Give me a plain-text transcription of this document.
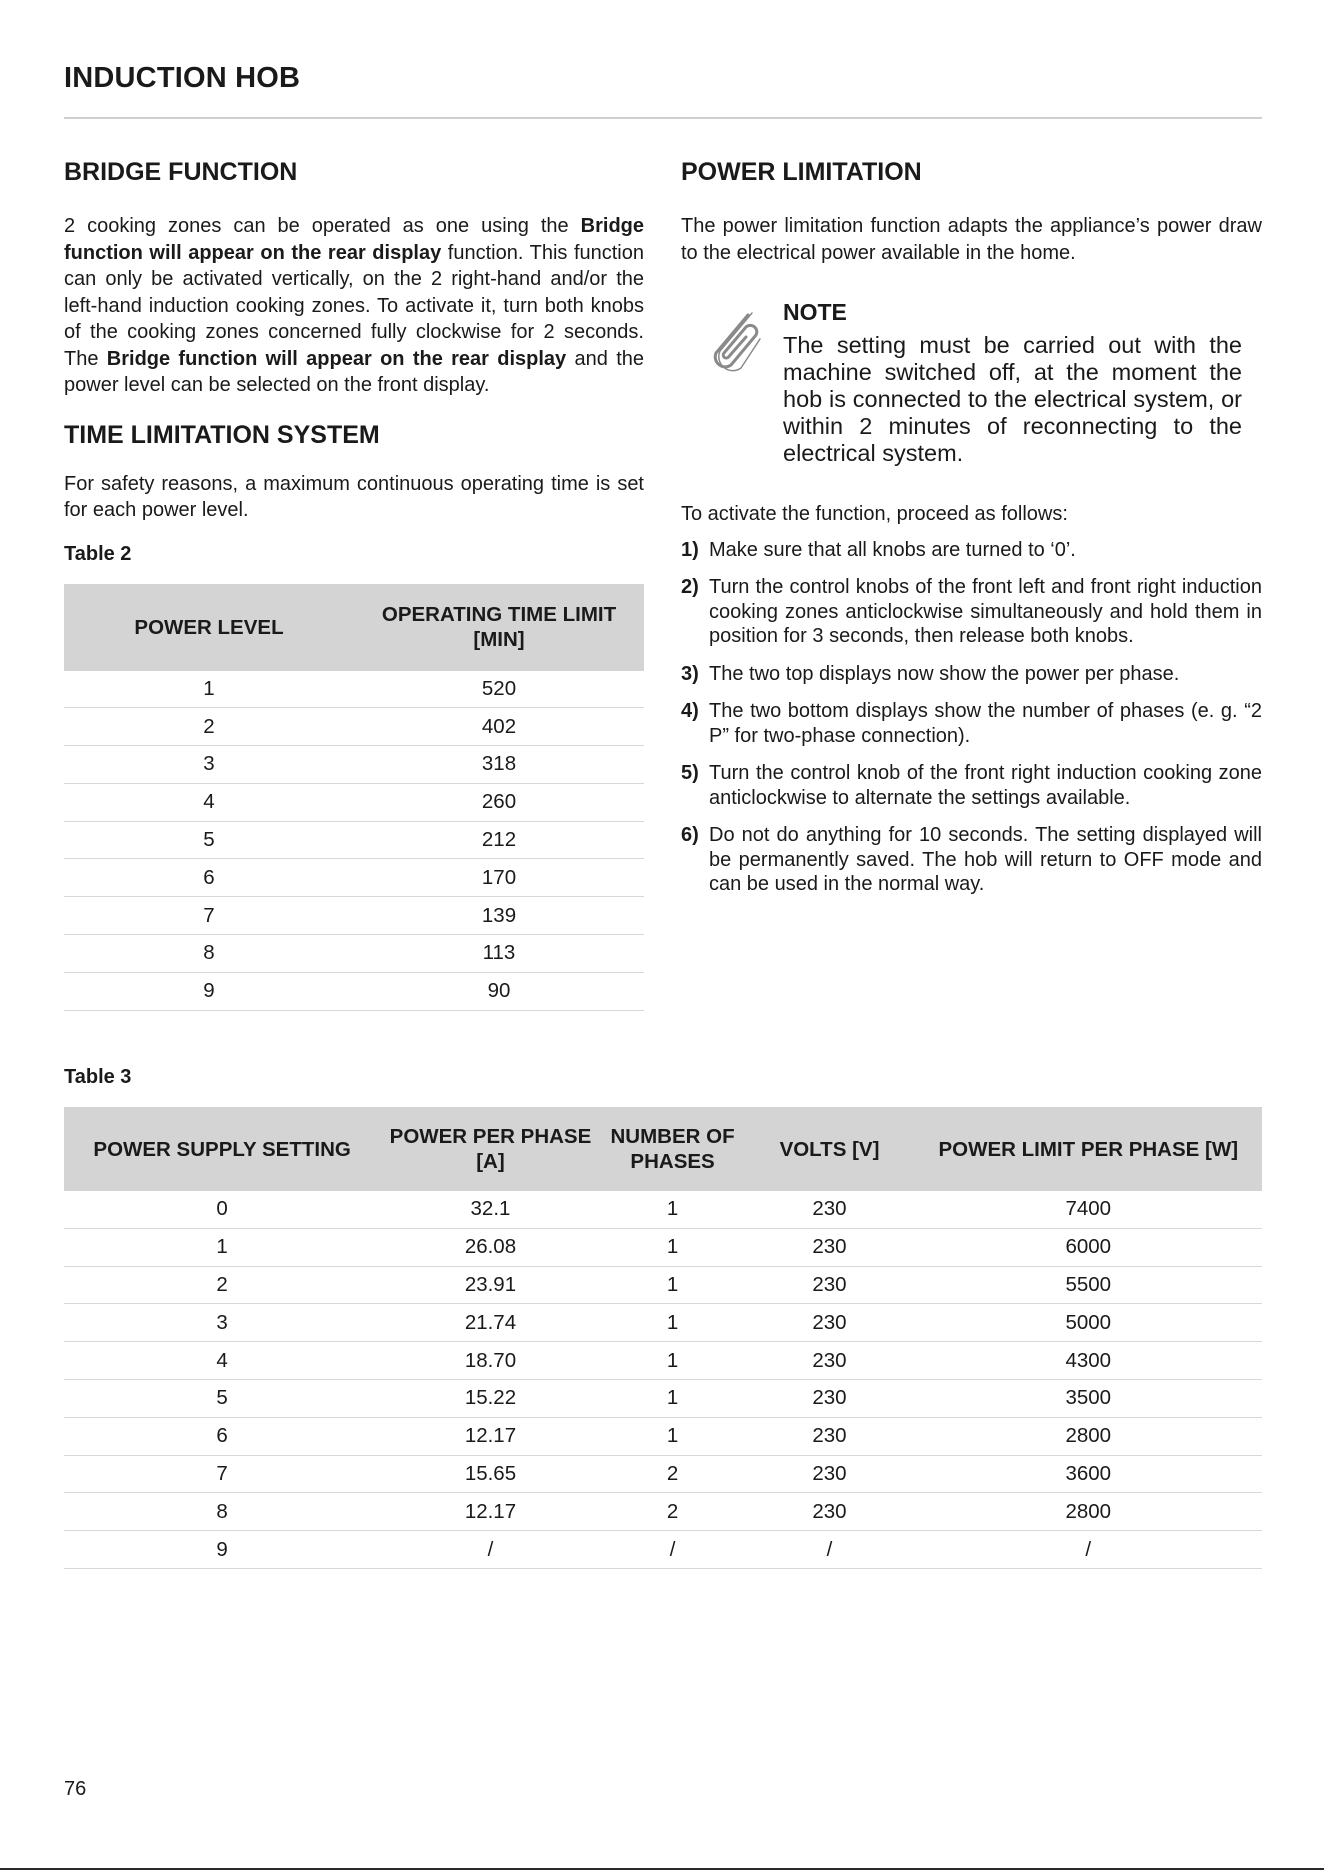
INDUCTION HOB
BRIDGE FUNCTION

2 cooking zones can be operated as one using the Bridge function will appear on the rear display function. This function can only be activated vertically, on the 2 right-hand and/or the left-hand induction cooking zones. To activate it, turn both knobs of the cooking zones concerned fully clockwise for 2 seconds. The Bridge function will appear on the rear display and the power level can be selected on the front display.

TIME LIMITATION SYSTEM

For safety reasons, a maximum continuous operating time is set for each power level.

Table 2

POWER LEVEL	OPERATING TIME LIMIT [MIN]
1	520
2	402
3	318
4	260
5	212
6	170
7	139
8	113
9	90
POWER LIMITATION

The power limitation function adapts the appliance’s power draw to the electrical power available in the home.

NOTE
The setting must be carried out with the machine switched off, at the moment the hob is connected to the electrical system, or within 2 minutes of reconnecting to the electrical system.

To activate the function, proceed as follows:

1) Make sure that all knobs are turned to ‘0’.
2) Turn the control knobs of the front left and front right induction cooking zones anticlockwise simultaneously and hold them in position for 3 seconds, then release both knobs.
3) The two top displays now show the power per phase.
4) The two bottom displays show the number of phases (e. g. “2 P” for two-phase connection).
5) Turn the control knob of the front right induction cooking zone anticlockwise to alternate the settings available.
6) Do not do anything for 10 seconds. The setting displayed will be permanently saved. The hob will return to OFF mode and can be used in the normal way.

Table 3

POWER SUPPLY SETTING	POWER PER PHASE [A]	NUMBER OF PHASES	VOLTS [V]	POWER LIMIT PER PHASE [W]
0	32.1	1	230	7400
1	26.08	1	230	6000
2	23.91	1	230	5500
3	21.74	1	230	5000
4	18.70	1	230	4300
5	15.22	1	230	3500
6	12.17	1	230	2800
7	15.65	2	230	3600
8	12.17	2	230	2800
9	/	/	/	/
76
